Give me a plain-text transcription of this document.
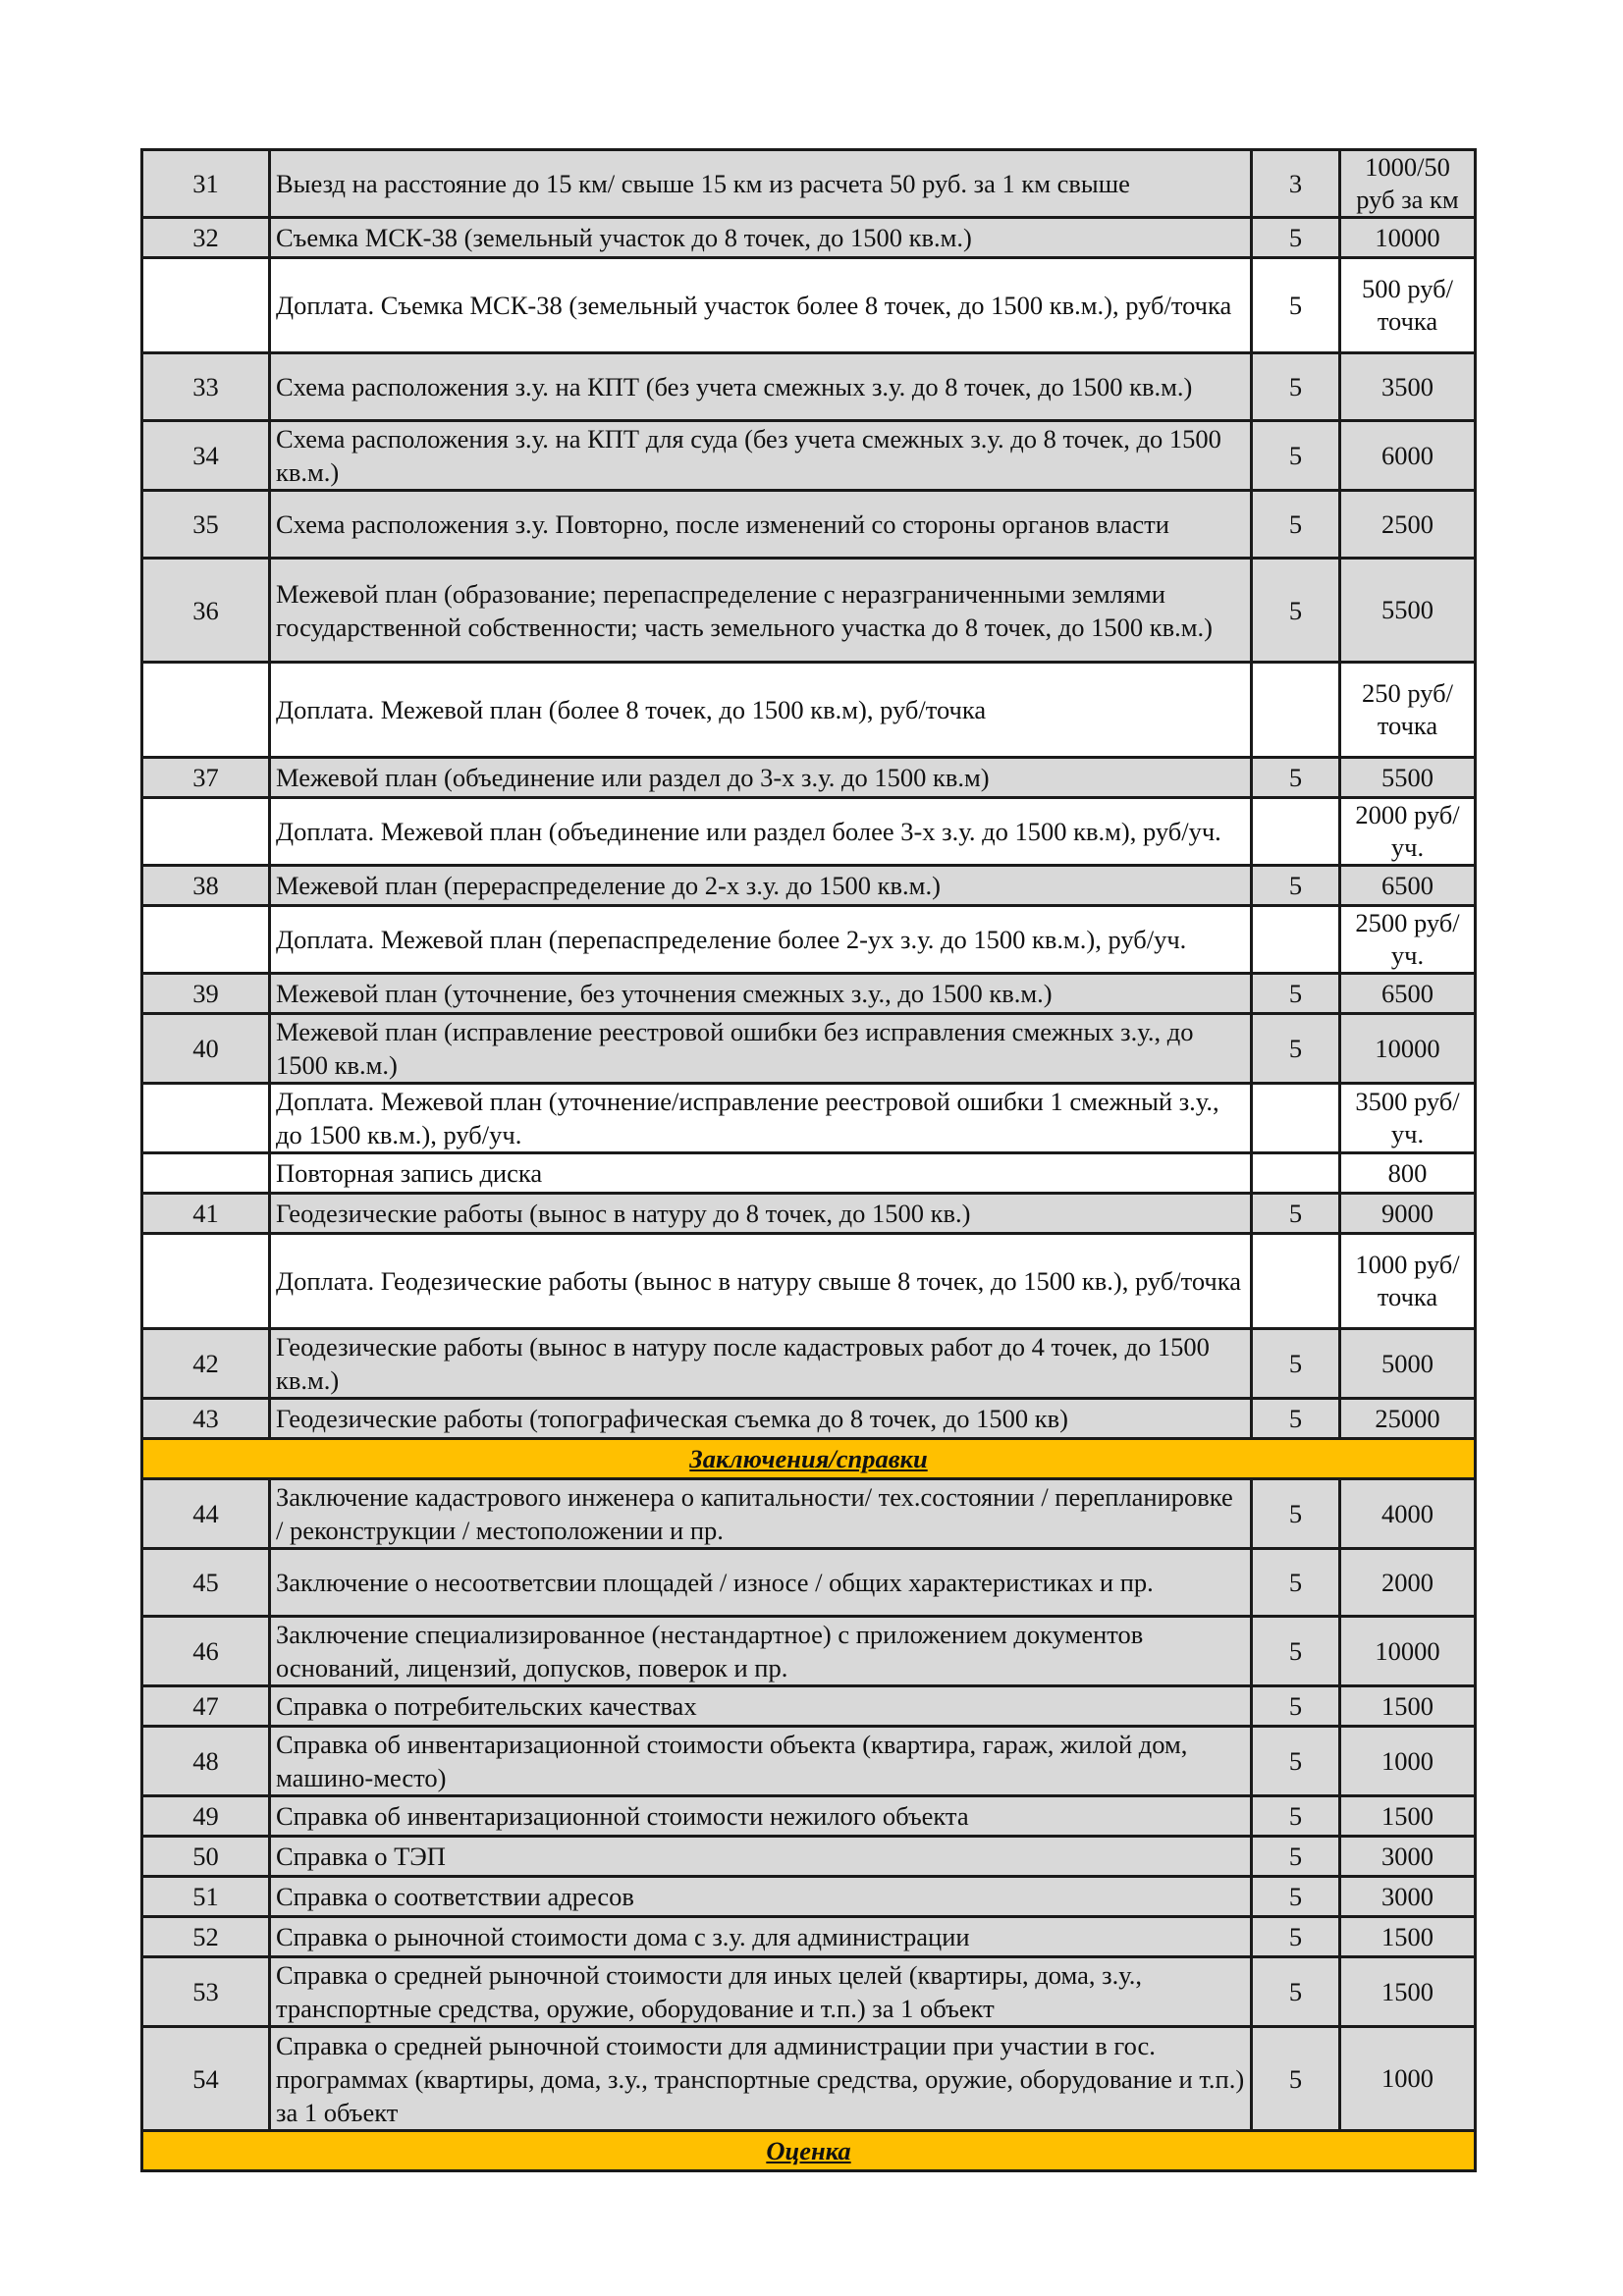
31	Выезд на расстояние до 15 км/ свыше 15 км из расчета 50 руб. за 1 км свыше	3	1000/50 руб за км
32	Съемка МСК-38 (земельный участок до 8 точек, до 1500 кв.м.)	5	10000
	Доплата. Съемка МСК-38 (земельный участок более 8 точек, до 1500 кв.м.), руб/точка	5	500 руб/точка
33	Схема расположения з.у. на КПТ (без учета смежных з.у. до 8 точек, до 1500 кв.м.)	5	3500
34	Схема расположения з.у. на КПТ для суда (без учета смежных з.у. до 8 точек, до 1500 кв.м.)	5	6000
35	Схема расположения з.у. Повторно, после изменений со стороны органов власти	5	2500
36	Межевой план (образование; перепаспределение с неразграниченными землями государственной собственности; часть земельного участка до 8 точек, до 1500 кв.м.)	5	5500
	Доплата. Межевой план (более 8 точек, до 1500 кв.м), руб/точка		250 руб/точка
37	Межевой план (объединение или раздел до 3-х з.у. до 1500 кв.м)	5	5500
	Доплата. Межевой план (объединение или раздел более 3-х з.у. до 1500 кв.м), руб/уч.		2000 руб/уч.
38	Межевой план (перераспределение до 2-х з.у. до 1500 кв.м.)	5	6500
	Доплата. Межевой план (перепаспределение более 2-ух з.у. до 1500 кв.м.), руб/уч.		2500 руб/уч.
39	Межевой план (уточнение, без уточнения смежных з.у., до 1500 кв.м.)	5	6500
40	Межевой план (исправление реестровой ошибки без исправления смежных з.у., до 1500 кв.м.)	5	10000
	Доплата. Межевой план (уточнение/исправление реестровой ошибки 1 смежный з.у., до 1500 кв.м.), руб/уч.		3500 руб/уч.
	Повторная запись диска		800
41	Геодезические работы (вынос в натуру до 8 точек, до 1500 кв.)	5	9000
	Доплата. Геодезические работы (вынос в натуру свыше 8 точек, до 1500 кв.), руб/точка		1000 руб/точка
42	Геодезические работы (вынос в натуру после кадастровых работ до 4 точек, до 1500 кв.м.)	5	5000
43	Геодезические работы (топографическая съемка до 8 точек, до 1500 кв)	5	25000
Заключения/справки			
44	Заключение кадастрового инженера о капитальности/ тех.состоянии / перепланировке / реконструкции / местоположении и пр.	5	4000
45	Заключение о несоответсвии площадей / износе / общих характеристиках и пр.	5	2000
46	Заключение специализированное (нестандартное) с приложением документов оснований, лицензий, допусков, поверок и пр.	5	10000
47	Справка о потребительских качествах	5	1500
48	Справка об инвентаризационной стоимости объекта (квартира, гараж, жилой дом, машино-место)	5	1000
49	Справка об инвентаризационной стоимости нежилого объекта	5	1500
50	Справка о ТЭП	5	3000
51	Справка о соответствии адресов	5	3000
52	Справка о рыночной стоимости дома с з.у. для администрации	5	1500
53	Справка о средней рыночной стоимости для иных целей (квартиры, дома, з.у., транспортные средства, оружие, оборудование и т.п.) за 1 объект	5	1500
54	Справка о средней рыночной стоимости для администрации при участии в гос. программах (квартиры, дома, з.у., транспортные средства, оружие, оборудование и т.п.) за 1 объект	5	1000
Оценка			
